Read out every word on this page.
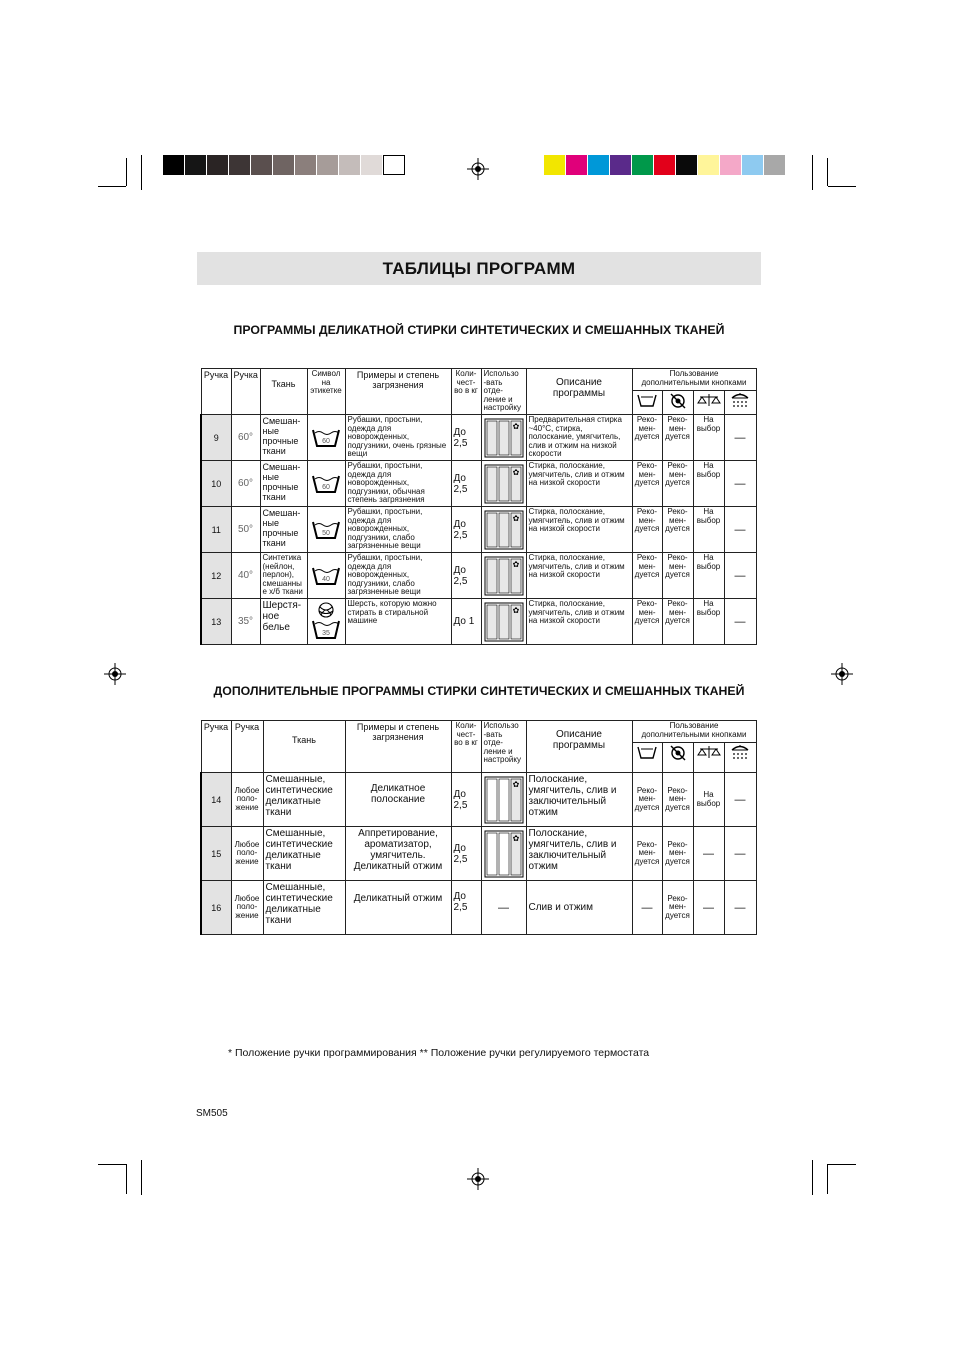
ТАБЛИЦЫ ПРОГРАММ
ПРОГРАММЫ ДЕЛИКАТНОЙ СТИРКИ СИНТЕТИЧЕСКИХ И СМЕШАННЫХ ТКАНЕЙ
Ручка	Ручка	Ткань	Символ на этикетке	Примеры и степень загрязнения	Коли- чест- во в кг	Использо -вать отде- ление и настройку	Описание программы	Пользование дополнительными кнопками			

9	60°	Смешан- ные прочные ткани	60	Рубашки, простыни, одежда для новорожденных, подгузники, очень грязные вещи	До 2,5	✿	Предварительная стирка ~40°С, стирка, полоскание, умягчитель, слив и отжим на низкой скорости	Реко- мен- дуется	Реко- мен- дуется	На выбор	—
10	60°	Смешан- ные прочные ткани	60	Рубашки, простыни, одежда для новорожденных, подгузники, обычная степень загрязнения	До 2,5	✿	Стирка, полоскание, умягчитель, слив и отжим на низкой скорости	Реко- мен- дуется	Реко- мен- дуется	На выбор	—
11	50°	Смешан- ные прочные ткани	50	Рубашки, простыни, одежда для новорожденных, подгузники, слабо загрязненные вещи	До 2,5	✿	Стирка, полоскание, умягчитель, слив и отжим на низкой скорости	Реко- мен- дуется	Реко- мен- дуется	На выбор	—
12	40°	Синтетика (нейлон, перлон), смешанны е х/б ткани	40	Рубашки, простыни, одежда для новорожденных, подгузники, слабо загрязненные вещи	До 2,5	✿	Стирка, полоскание, умягчитель, слив и отжим на низкой скорости	Реко- мен- дуется	Реко- мен- дуется	На выбор	—
13	35°	Шерстя- ное белье	35	Шерсть, которую можно стирать в стиральной машине	До 1	✿	Стирка, полоскание, умягчитель, слив и отжим на низкой скорости	Реко- мен- дуется	Реко- мен- дуется	На выбор	—
ДОПОЛНИТЕЛЬНЫЕ ПРОГРАММЫ СТИРКИ СИНТЕТИЧЕСКИХ И СМЕШАННЫХ ТКАНЕЙ
Ручка	Ручка	Ткань	Примеры и степень загрязнения	Коли- чест- во в кг	Использо -вать отде- ление и настройку	Описание программы	Пользование дополнительными кнопками			

14	Любое поло- жение	Смешанные, синтетические деликатные ткани	Деликатное полоскание	До 2,5	✿	Полоскание, умягчитель, слив и заключительный отжим	Реко- мен- дуется	Реко- мен- дуется	На выбор	—
15	Любое поло- жение	Смешанные, синтетические деликатные ткани	Аппретирование, ароматизатор, умягчитель. Деликатный отжим	До 2,5	✿	Полоскание, умягчитель, слив и заключительный отжим	Реко- мен- дуется	Реко- мен- дуется	—	—
16	Любое поло- жение	Смешанные, синтетические деликатные ткани	Деликатный отжим	До 2,5	—	Слив и отжим	—	Реко- мен- дуется	—	—
* Положение ручки программирования ** Положение ручки регулируемого термостата
SM505
